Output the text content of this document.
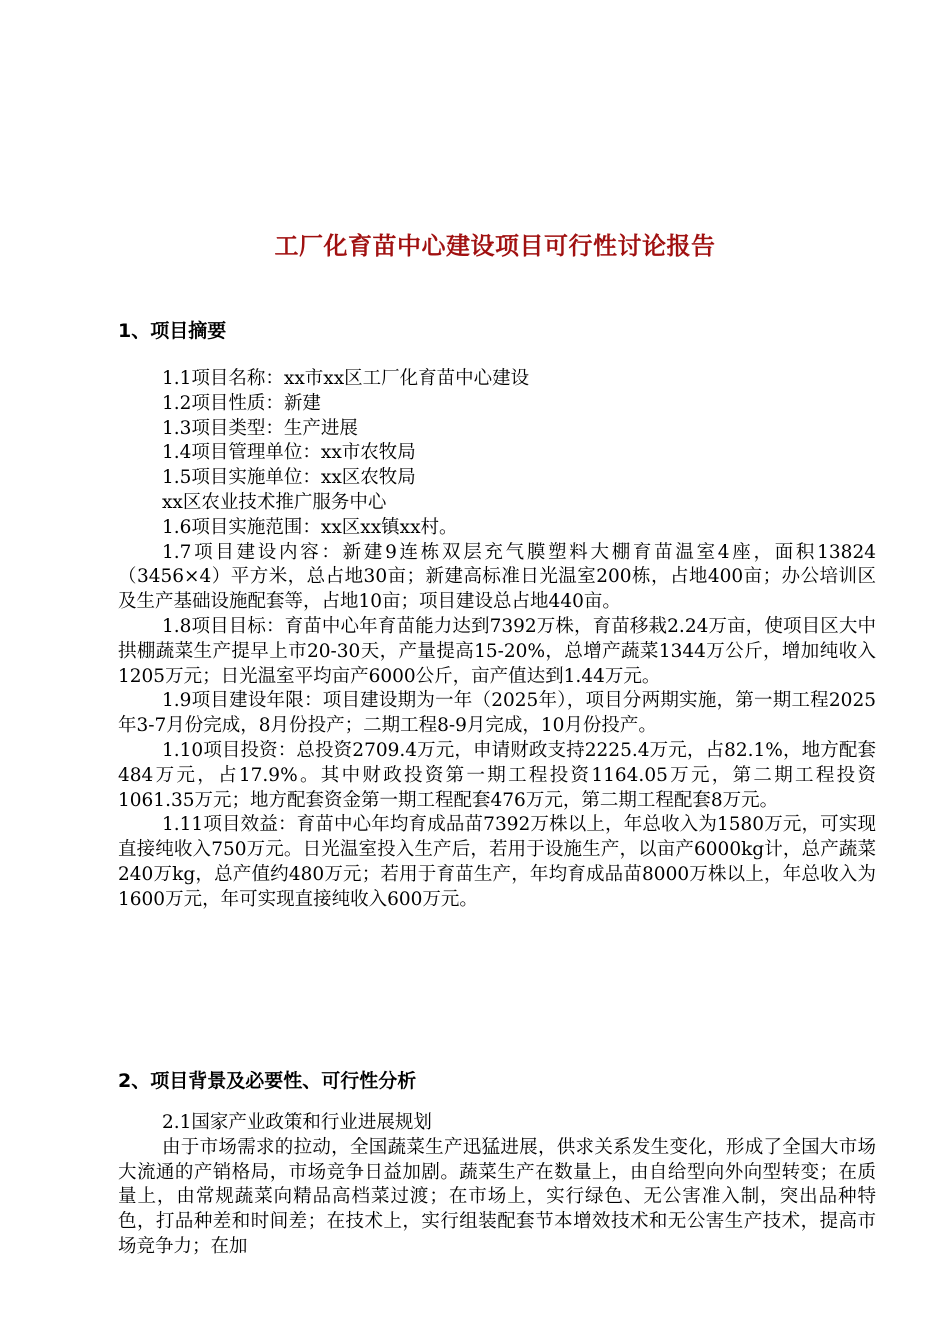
工厂化育苗中心建设项目可行性讨论报告
1、项目摘要
1.1项目名称：xx市xx区工厂化育苗中心建设
1.2项目性质：新建
1.3项目类型：生产进展
1.4项目管理单位：xx市农牧局
1.5项目实施单位：xx区农牧局
xx区农业技术推广服务中心
1.6项目实施范围：xx区xx镇xx村。
1.7项目建设内容：新建9连栋双层充气膜塑料大棚育苗温室4座，面积13824（3456×4）平方米，总占地30亩；新建高标准日光温室200栋，占地400亩；办公培训区及生产基础设施配套等，占地10亩；项目建设总占地440亩。
1.8项目目标：育苗中心年育苗能力达到7392万株，育苗移栽2.24万亩，使项目区大中拱棚蔬菜生产提早上市20-30天，产量提高15-20%，总增产蔬菜1344万公斤，增加纯收入1205万元；日光温室平均亩产6000公斤，亩产值达到1.44万元。
1.9项目建设年限：项目建设期为一年（2025年），项目分两期实施，第一期工程2025年3-7月份完成，8月份投产；二期工程8-9月完成，10月份投产。
1.10项目投资：总投资2709.4万元，申请财政支持2225.4万元，占82.1%，地方配套484万元，占17.9%。其中财政投资第一期工程投资1164.05万元，第二期工程投资1061.35万元；地方配套资金第一期工程配套476万元，第二期工程配套8万元。
1.11项目效益：育苗中心年均育成品苗7392万株以上，年总收入为1580万元，可实现直接纯收入750万元。日光温室投入生产后，若用于设施生产，以亩产6000kg计，总产蔬菜240万kg，总产值约480万元；若用于育苗生产，年均育成品苗8000万株以上，年总收入为1600万元，年可实现直接纯收入600万元。
2、项目背景及必要性、可行性分析
2.1国家产业政策和行业进展规划
由于市场需求的拉动，全国蔬菜生产迅猛进展，供求关系发生变化，形成了全国大市场大流通的产销格局，市场竞争日益加剧。蔬菜生产在数量上，由自给型向外向型转变；在质量上，由常规蔬菜向精品高档菜过渡；在市场上，实行绿色、无公害准入制，突出品种特色，打品种差和时间差；在技术上，实行组装配套节本增效技术和无公害生产技术，提高市场竞争力；在加
